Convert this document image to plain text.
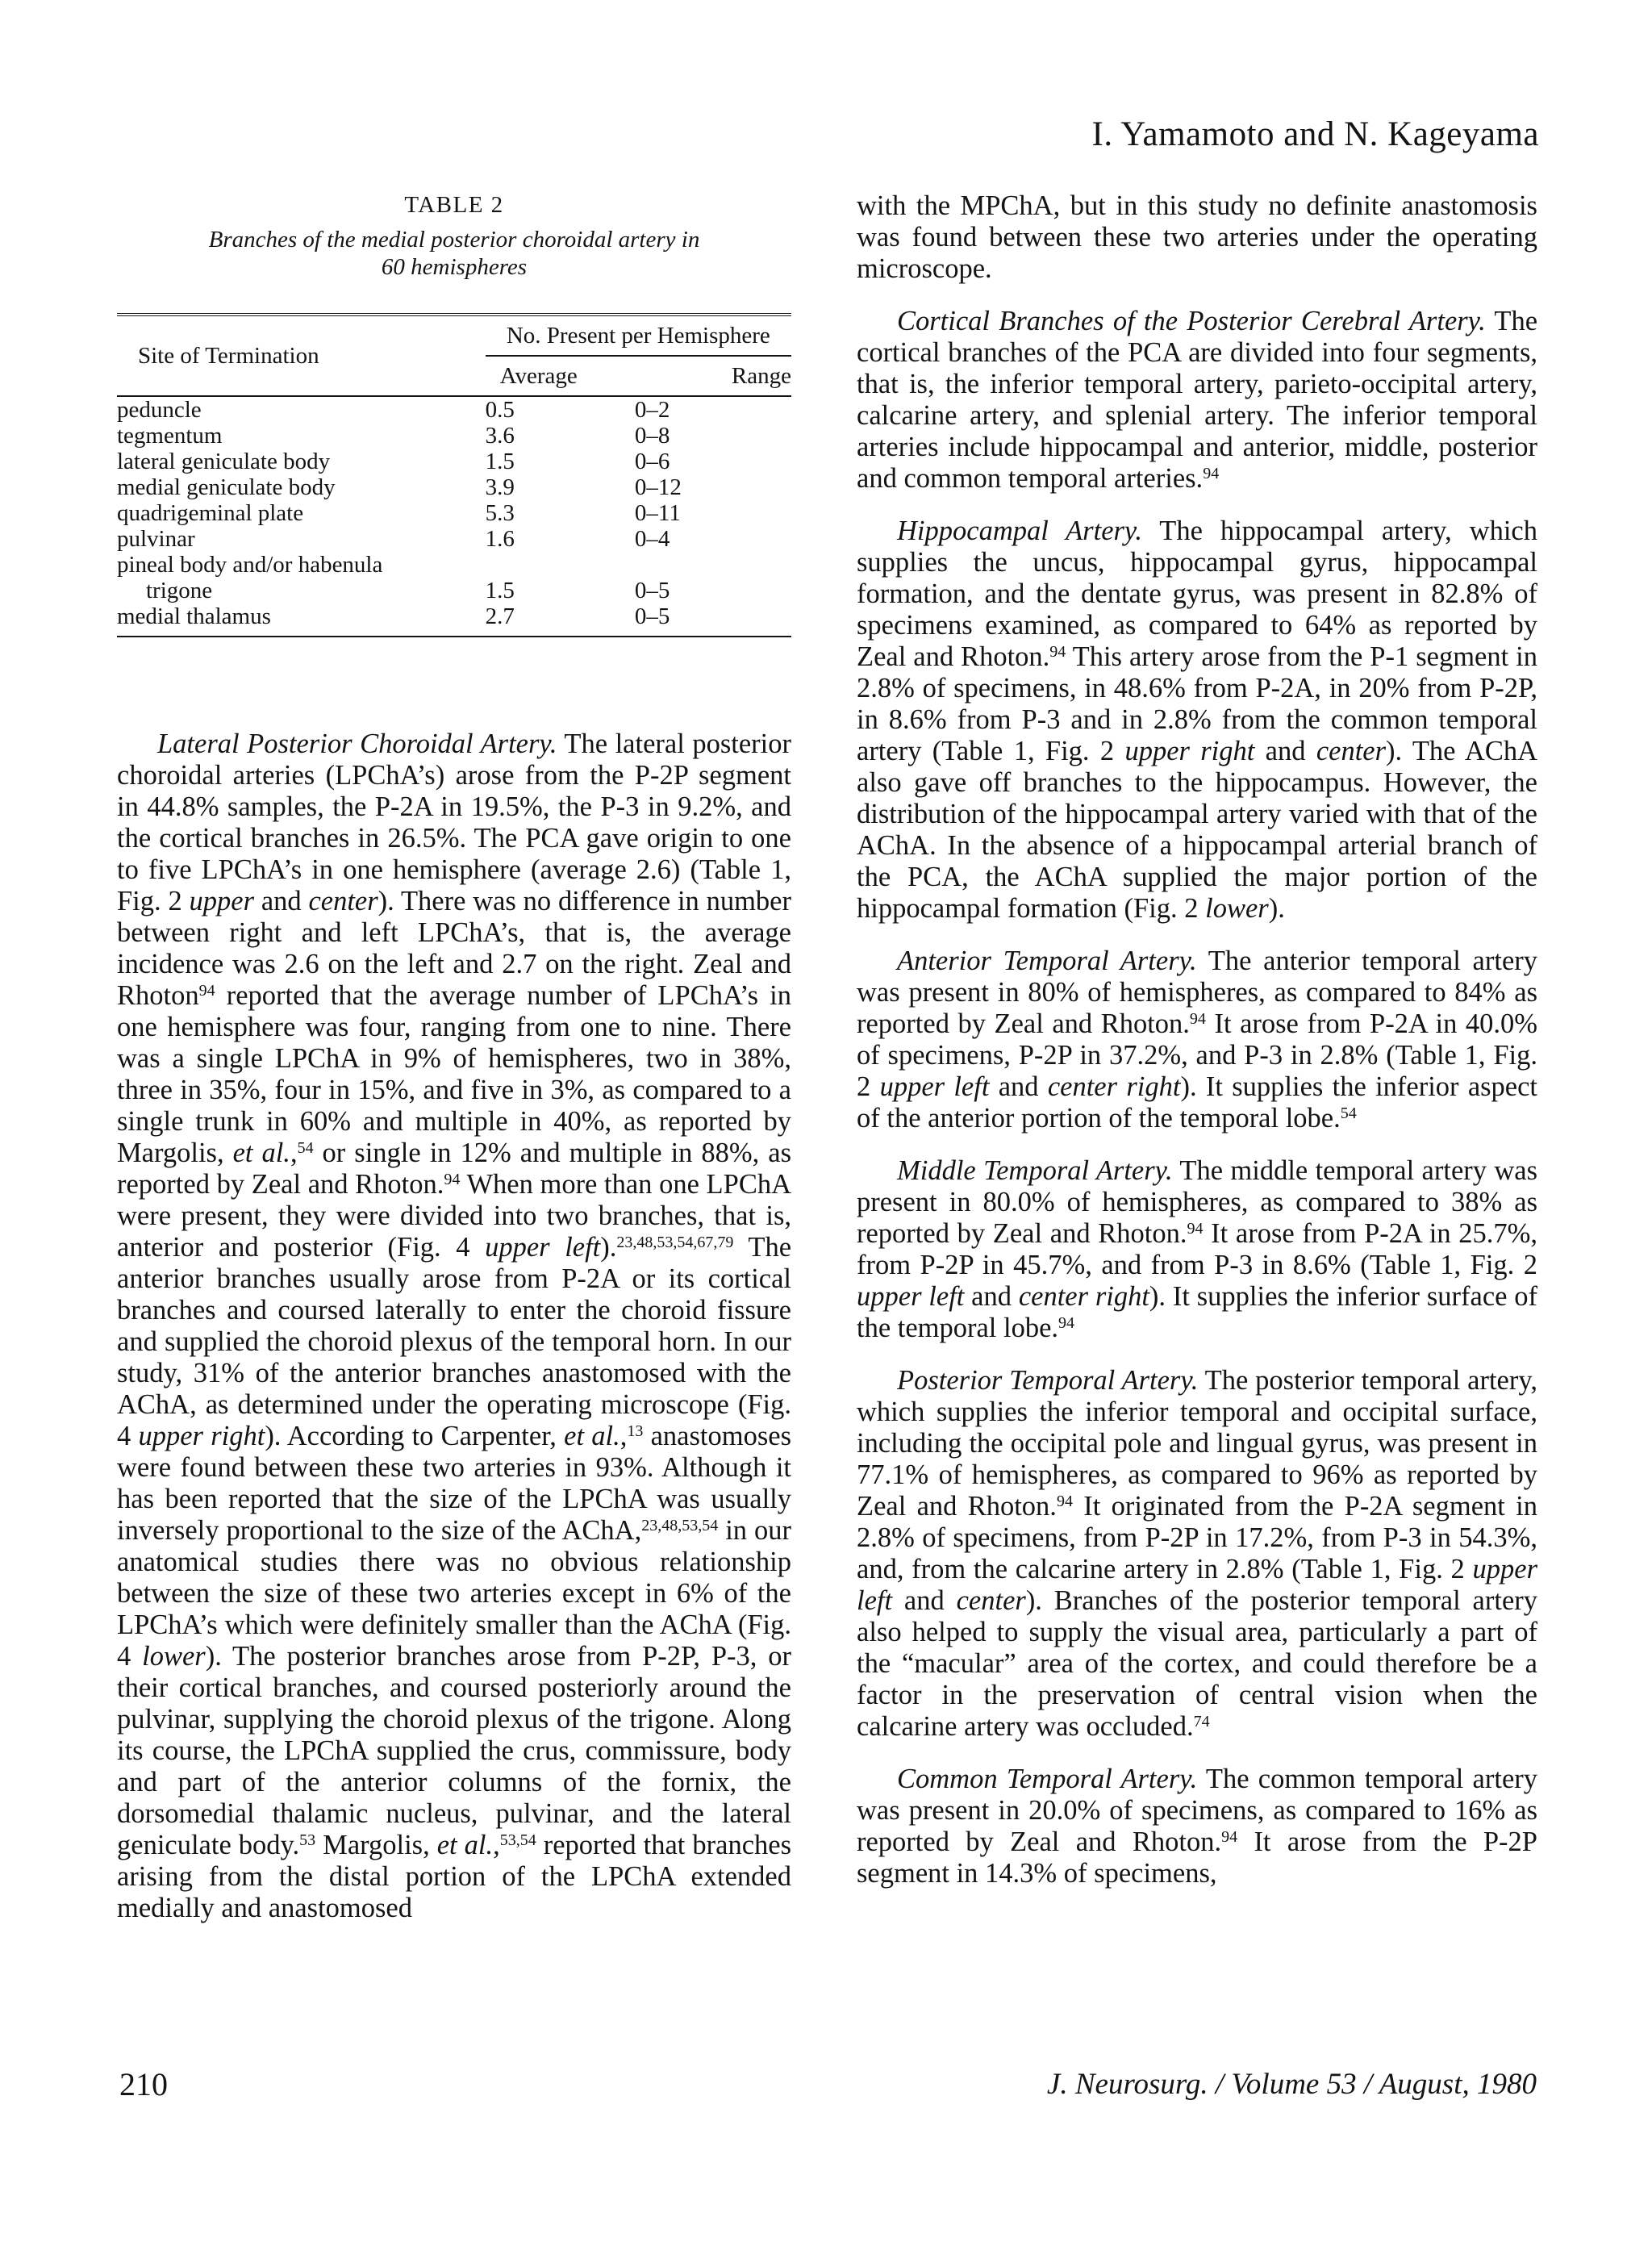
I. Yamamoto and N. Kageyama

TABLE 2

Branches of the medial posterior choroidal artery in
60 hemispheres

Site of Termination	No. Present per Hemisphere	
	Average	Range

peduncle	0.5	0–2
tegmentum	3.6	0–8
lateral geniculate body	1.5	0–6
medial geniculate body	3.9	0–12
quadrigeminal plate	5.3	0–11
pulvinar	1.6	0–4
pineal body and/or habenula		
trigone	1.5	0–5
medial thalamus	2.7	0–5

Lateral Posterior Choroidal Artery. The lateral posterior choroidal arteries (LPChA’s) arose from the P-2P segment in 44.8% samples, the P-2A in 19.5%, the P-3 in 9.2%, and the cortical branches in 26.5%. The PCA gave origin to one to five LPChA’s in one hemisphere (average 2.6) (Table 1, Fig. 2 upper and center). There was no difference in number between right and left LPChA’s, that is, the average incidence was 2.6 on the left and 2.7 on the right. Zeal and Rhoton$^{94}$ reported that the average number of LPChA’s in one hemisphere was four, ranging from one to nine. There was a single LPChA in 9% of hemispheres, two in 38%, three in 35%, four in 15%, and five in 3%, as compared to a single trunk in 60% and multiple in 40%, as reported by Margolis, et al.,$^{54}$ or single in 12% and multiple in 88%, as reported by Zeal and Rhoton.$^{94}$ When more than one LPChA were present, they were divided into two branches, that is, anterior and posterior (Fig. 4 upper left).$^{23,48,53,54,67,79}$ The anterior branches usually arose from P-2A or its cortical branches and coursed laterally to enter the choroid fissure and supplied the choroid plexus of the temporal horn. In our study, 31% of the anterior branches anastomosed with the AChA, as determined under the operating microscope (Fig. 4 upper right). According to Carpenter, et al.,$^{13}$ anastomoses were found between these two arteries in 93%. Although it has been reported that the size of the LPChA was usually inversely proportional to the size of the AChA,$^{23,48,53,54}$ in our anatomical studies there was no obvious relationship between the size of these two arteries except in 6% of the LPChA’s which were definitely smaller than the AChA (Fig. 4 lower). The posterior branches arose from P-2P, P-3, or their cortical branches, and coursed posteriorly around the pulvinar, supplying the choroid plexus of the trigone. Along its course, the LPChA supplied the crus, commissure, body and part of the anterior columns of the fornix, the dorsomedial thalamic nucleus, pulvinar, and the lateral geniculate body.$^{53}$ Margolis, et al.,$^{53,54}$ reported that branches arising from the distal portion of the LPChA extended medially and anastomosed

with the MPChA, but in this study no definite anastomosis was found between these two arteries under the operating microscope.

Cortical Branches of the Posterior Cerebral Artery. The cortical branches of the PCA are divided into four segments, that is, the inferior temporal artery, parieto-occipital artery, calcarine artery, and splenial artery. The inferior temporal arteries include hippocampal and anterior, middle, posterior and common temporal arteries.$^{94}$

Hippocampal Artery. The hippocampal artery, which supplies the uncus, hippocampal gyrus, hippocampal formation, and the dentate gyrus, was present in 82.8% of specimens examined, as compared to 64% as reported by Zeal and Rhoton.$^{94}$ This artery arose from the P-1 segment in 2.8% of specimens, in 48.6% from P-2A, in 20% from P-2P, in 8.6% from P-3 and in 2.8% from the common temporal artery (Table 1, Fig. 2 upper right and center). The AChA also gave off branches to the hippocampus. However, the distribution of the hippocampal artery varied with that of the AChA. In the absence of a hippocampal arterial branch of the PCA, the AChA supplied the major portion of the hippocampal formation (Fig. 2 lower).

Anterior Temporal Artery. The anterior temporal artery was present in 80% of hemispheres, as compared to 84% as reported by Zeal and Rhoton.$^{94}$ It arose from P-2A in 40.0% of specimens, P-2P in 37.2%, and P-3 in 2.8% (Table 1, Fig. 2 upper left and center right). It supplies the inferior aspect of the anterior portion of the temporal lobe.$^{54}$

Middle Temporal Artery. The middle temporal artery was present in 80.0% of hemispheres, as compared to 38% as reported by Zeal and Rhoton.$^{94}$ It arose from P-2A in 25.7%, from P-2P in 45.7%, and from P-3 in 8.6% (Table 1, Fig. 2 upper left and center right). It supplies the inferior surface of the temporal lobe.$^{94}$

Posterior Temporal Artery. The posterior temporal artery, which supplies the inferior temporal and occipital surface, including the occipital pole and lingual gyrus, was present in 77.1% of hemispheres, as compared to 96% as reported by Zeal and Rhoton.$^{94}$ It originated from the P-2A segment in 2.8% of specimens, from P-2P in 17.2%, from P-3 in 54.3%, and, from the calcarine artery in 2.8% (Table 1, Fig. 2 upper left and center). Branches of the posterior temporal artery also helped to supply the visual area, particularly a part of the “macular” area of the cortex, and could therefore be a factor in the preservation of central vision when the calcarine artery was occluded.$^{74}$

Common Temporal Artery. The common temporal artery was present in 20.0% of specimens, as compared to 16% as reported by Zeal and Rhoton.$^{94}$ It arose from the P-2P segment in 14.3% of specimens,

210	J. Neurosurg. / Volume 53 / August, 1980
